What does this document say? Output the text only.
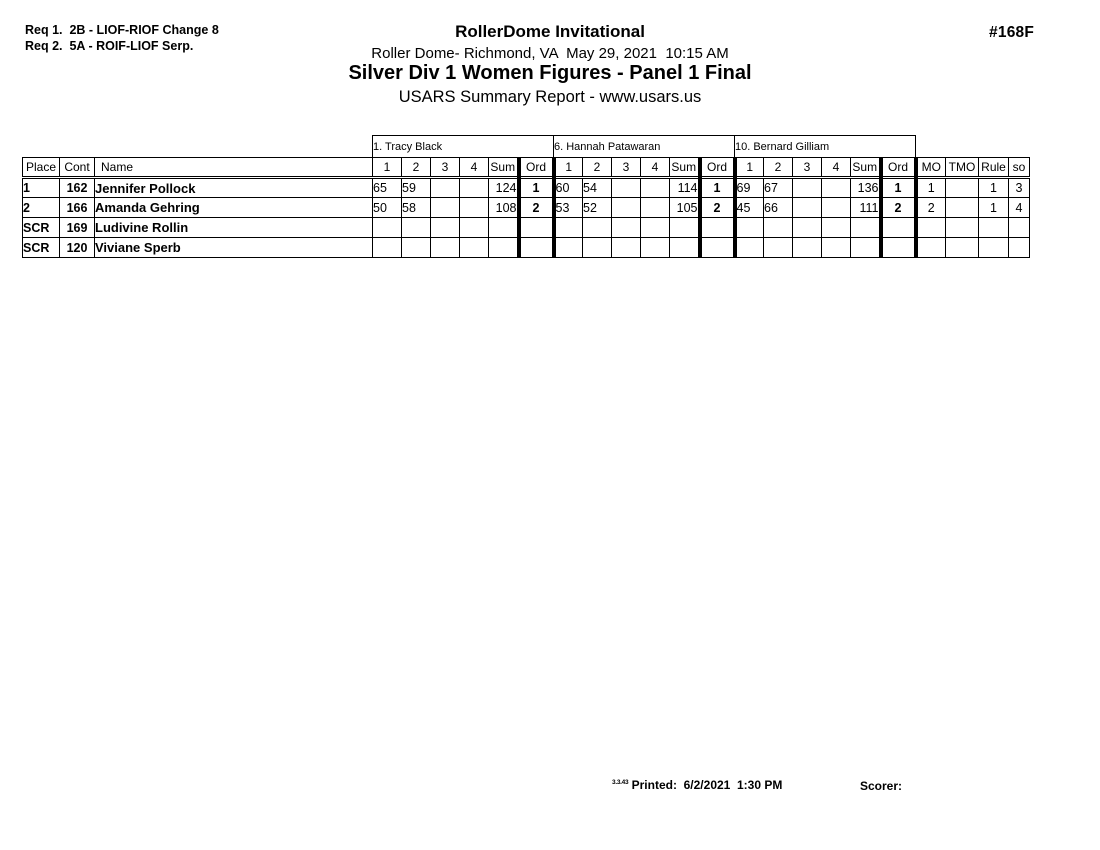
Req 1.  2B - LIOF-RIOF Change 8
Req 2.  5A - ROIF-LIOF Serp.
#168F
RollerDome Invitational
Roller Dome- Richmond, VA  May 29, 2021  10:15 AM
Silver Div 1 Women Figures - Panel 1 Final
USARS Summary Report - www.usars.us
			1. Tracy Black						6. Hannah Patawaran						10. Bernard Gilliam									
Place	Cont	Name	1	2	3	4	Sum	Ord	1	2	3	4	Sum	Ord	1	2	3	4	Sum	Ord	MO	TMO	Rule	so
1	162	Jennifer Pollock	65	59			124	1	60	54			114	1	69	67			136	1	1		1	3
2	166	Amanda Gehring	50	58			108	2	53	52			105	2	45	66			111	2	2		1	4
SCR	169	Ludivine Rollin																						
SCR	120	Viviane Sperb																						
$^{3.3.43}$ Printed:  6/2/2021  1:30 PM	Scorer:
